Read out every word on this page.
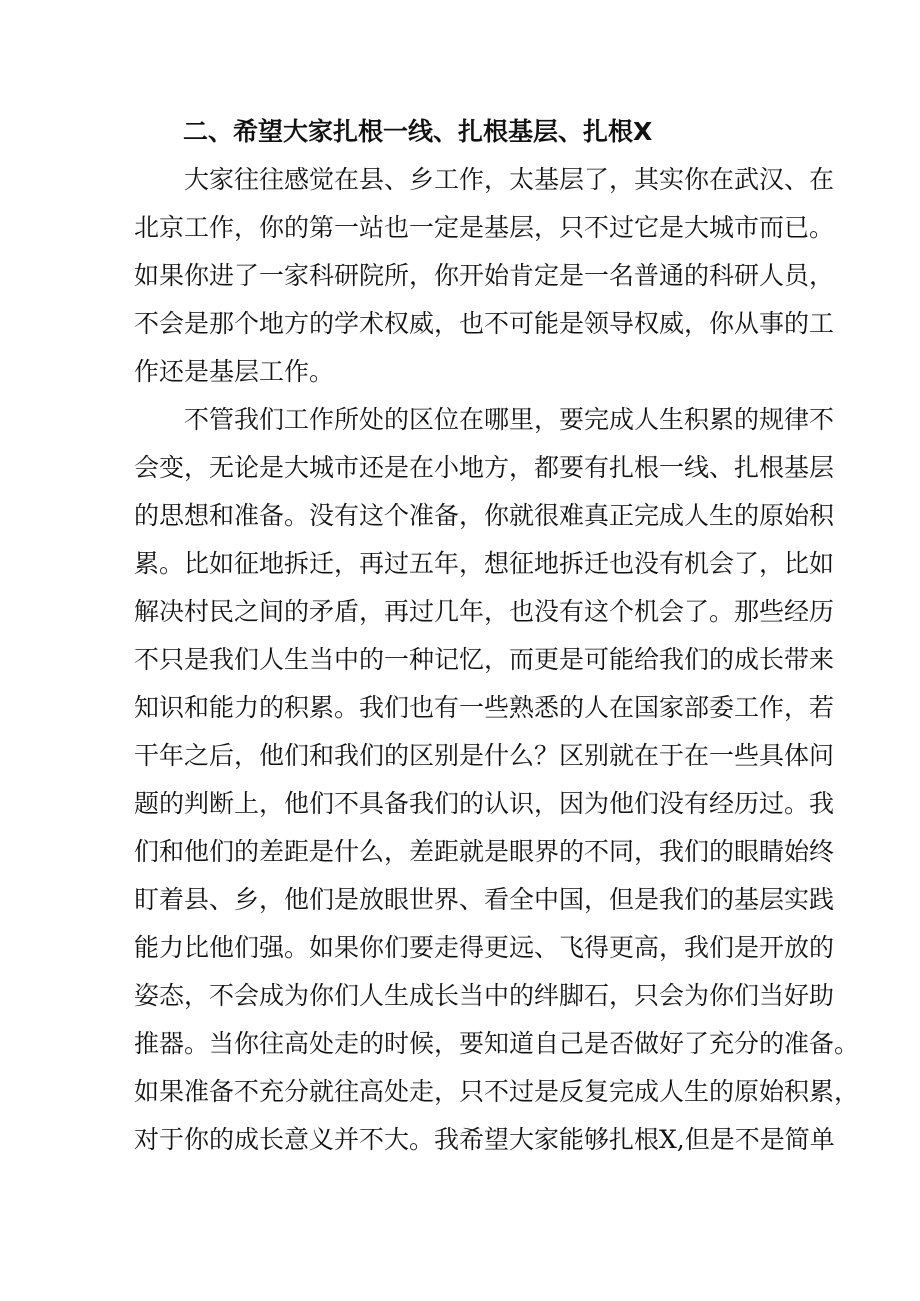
二、希望大家扎根一线、扎根基层、扎根X

大家往往感觉在县、乡工作，太基层了，其实你在武汉、在

北京工作，你的第一站也一定是基层，只不过它是大城市而已。

如果你进了一家科研院所，你开始肯定是一名普通的科研人员，

不会是那个地方的学术权威，也不可能是领导权威，你从事的工

作还是基层工作。

不管我们工作所处的区位在哪里，要完成人生积累的规律不

会变，无论是大城市还是在小地方，都要有扎根一线、扎根基层

的思想和准备。没有这个准备，你就很难真正完成人生的原始积

累。比如征地拆迁，再过五年，想征地拆迁也没有机会了，比如

解决村民之间的矛盾，再过几年，也没有这个机会了。那些经历

不只是我们人生当中的一种记忆，而更是可能给我们的成长带来

知识和能力的积累。我们也有一些熟悉的人在国家部委工作，若

干年之后，他们和我们的区别是什么？区别就在于在一些具体问

题的判断上，他们不具备我们的认识，因为他们没有经历过。我

们和他们的差距是什么，差距就是眼界的不同，我们的眼睛始终

盯着县、乡，他们是放眼世界、看全中国，但是我们的基层实践

能力比他们强。如果你们要走得更远、飞得更高，我们是开放的

姿态，不会成为你们人生成长当中的绊脚石，只会为你们当好助

推器。当你往高处走的时候，要知道自己是否做好了充分的准备。

如果准备不充分就往高处走，只不过是反复完成人生的原始积累，

对于你的成长意义并不大。我希望大家能够扎根X,但是不是简单
